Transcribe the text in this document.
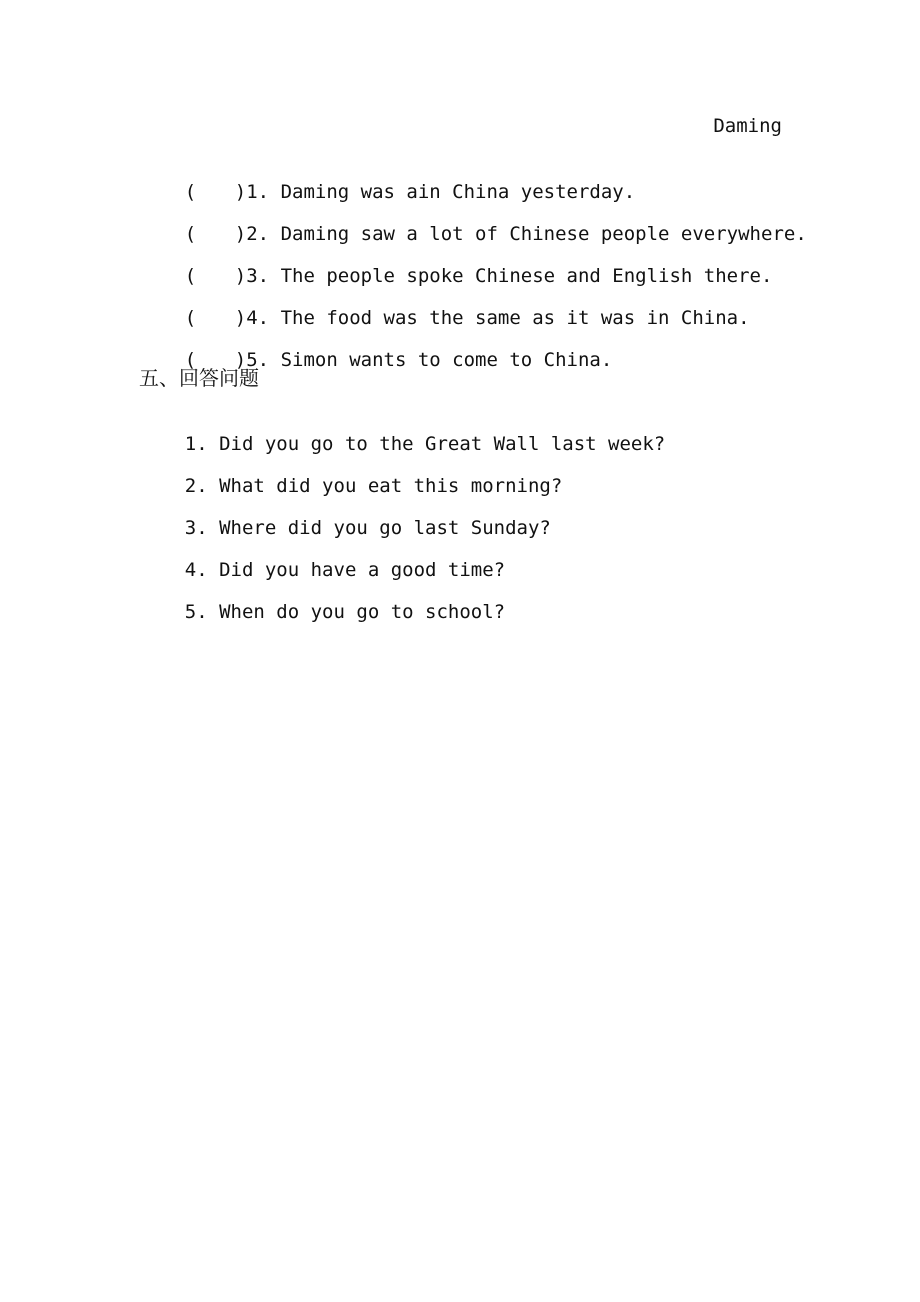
Daming

( )1. Daming was ain China yesterday.

( )2. Daming saw a lot of Chinese people everywhere.

( )3. The people spoke Chinese and English there.

( )4. The food was the same as it was in China.

( )5. Simon wants to come to China.

五、回答问题

1. Did you go to the Great Wall last week?

2. What did you eat this morning?

3. Where did you go last Sunday?

4. Did you have a good time?

5. When do you go to school?
